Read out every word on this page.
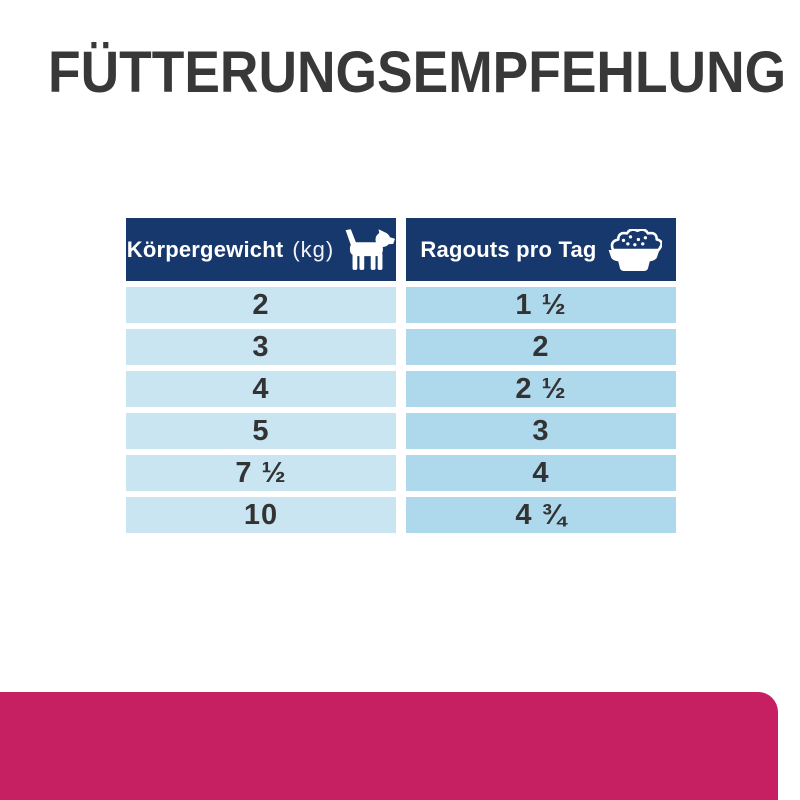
FÜTTERUNGSEMPFEHLUNG
Körpergewicht (kg)	Ragouts pro Tag
2	1 ½
3	2
4	2 ½
5	3
7 ½	4
10	4 ¾
